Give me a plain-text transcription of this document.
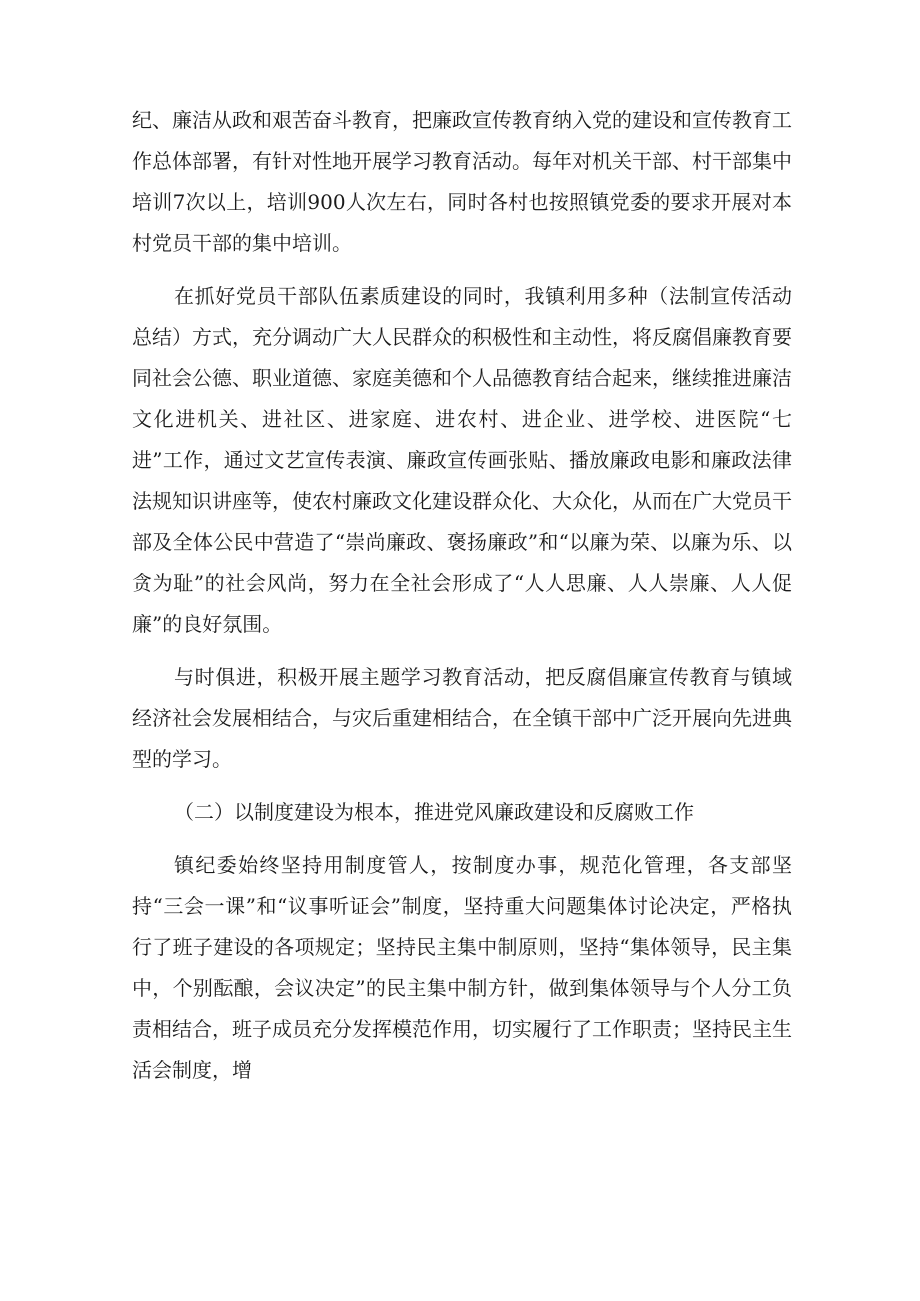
纪、廉洁从政和艰苦奋斗教育，把廉政宣传教育纳入党的建设和宣传教育工作总体部署，有针对性地开展学习教育活动。每年对机关干部、村干部集中培训7次以上，培训900人次左右，同时各村也按照镇党委的要求开展对本村党员干部的集中培训。

在抓好党员干部队伍素质建设的同时，我镇利用多种（法制宣传活动总结）方式，充分调动广大人民群众的积极性和主动性，将反腐倡廉教育要同社会公德、职业道德、家庭美德和个人品德教育结合起来，继续推进廉洁文化进机关、进社区、进家庭、进农村、进企业、进学校、进医院“七进”工作，通过文艺宣传表演、廉政宣传画张贴、播放廉政电影和廉政法律法规知识讲座等，使农村廉政文化建设群众化、大众化，从而在广大党员干部及全体公民中营造了“崇尚廉政、褒扬廉政”和“以廉为荣、以廉为乐、以贪为耻”的社会风尚，努力在全社会形成了“人人思廉、人人崇廉、人人促廉”的良好氛围。

与时俱进，积极开展主题学习教育活动，把反腐倡廉宣传教育与镇域经济社会发展相结合，与灾后重建相结合，在全镇干部中广泛开展向先进典型的学习。

（二）以制度建设为根本，推进党风廉政建设和反腐败工作

镇纪委始终坚持用制度管人，按制度办事，规范化管理，各支部坚持“三会一课”和“议事听证会”制度，坚持重大问题集体讨论决定，严格执行了班子建设的各项规定；坚持民主集中制原则，坚持“集体领导，民主集中，个别酝酿，会议决定”的民主集中制方针，做到集体领导与个人分工负责相结合，班子成员充分发挥模范作用，切实履行了工作职责；坚持民主生活会制度，增
